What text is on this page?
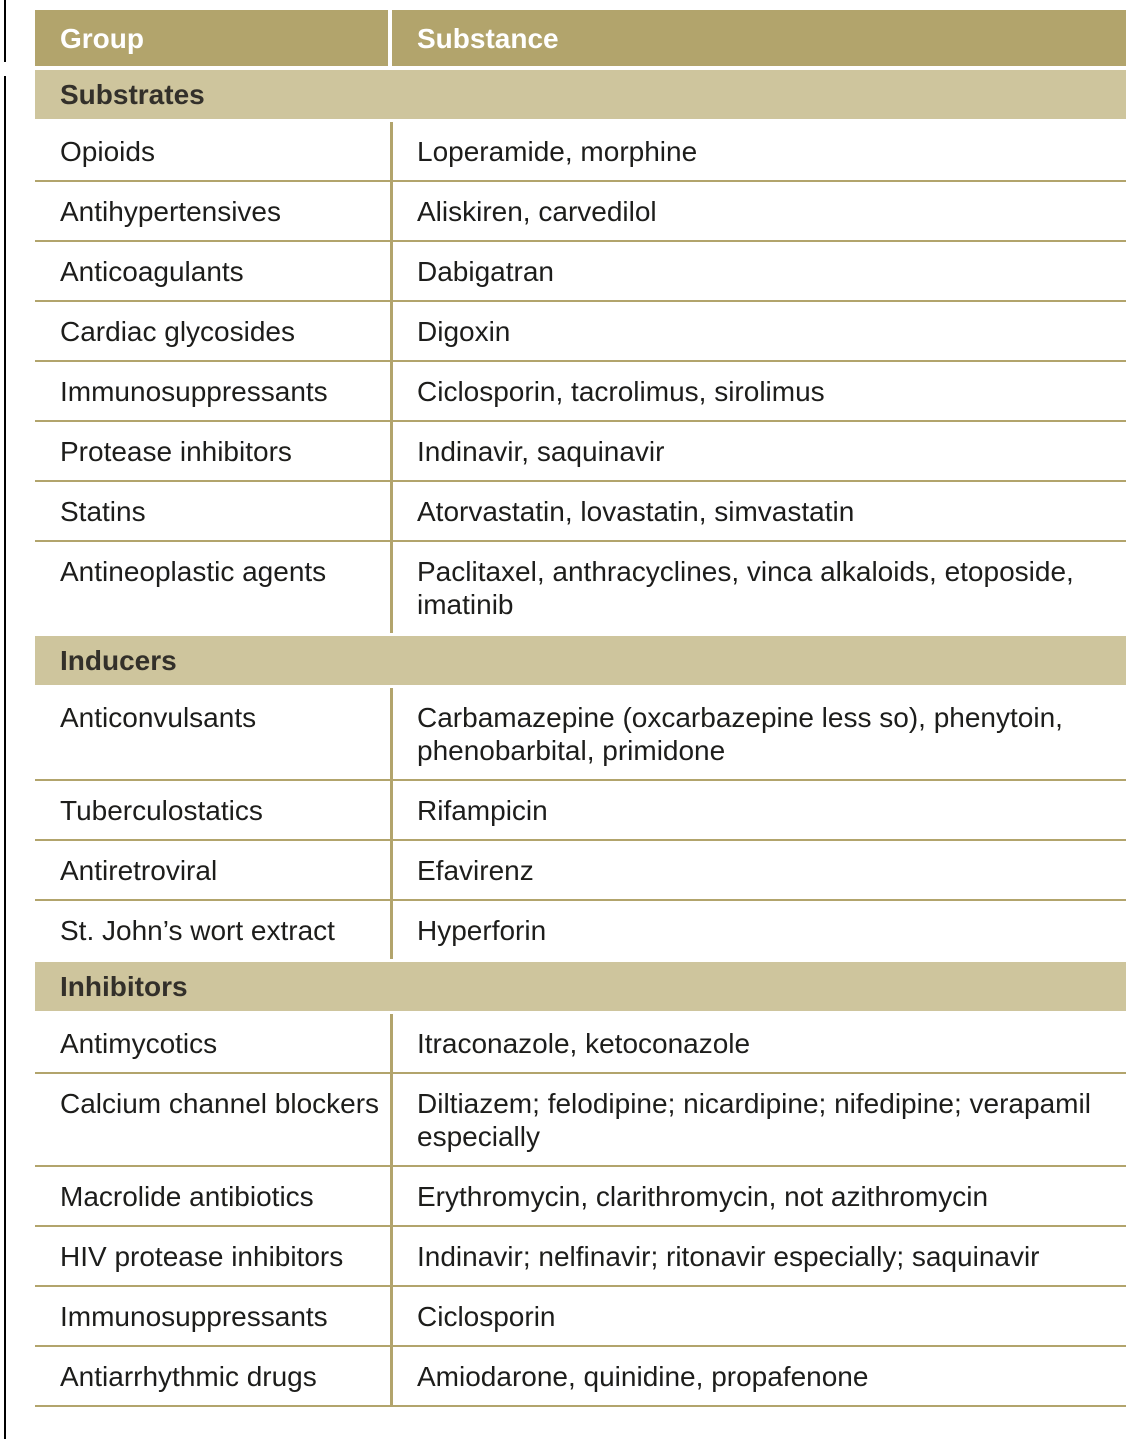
Group	Substance
Substrates
Opioids	Loperamide, morphine
Antihypertensives	Aliskiren, carvedilol
Anticoagulants	Dabigatran
Cardiac glycosides	Digoxin
Immunosuppressants	Ciclosporin, tacrolimus, sirolimus
Protease inhibitors	Indinavir, saquinavir
Statins	Atorvastatin, lovastatin, simvastatin
Antineoplastic agents	Paclitaxel, anthracyclines, vinca alkaloids, etoposide, imatinib
Inducers
Anticonvulsants	Carbamazepine (oxcarbazepine less so), phenytoin, phenobarbital, primidone
Tuberculostatics	Rifampicin
Antiretroviral	Efavirenz
St. John’s wort extract	Hyperforin
Inhibitors
Antimycotics	Itraconazole, ketoconazole
Calcium channel blockers	Diltiazem; felodipine; nicardipine; nifedipine; verapamil especially
Macrolide antibiotics	Erythromycin, clarithromycin, not azithromycin
HIV protease inhibitors	Indinavir; nelfinavir; ritonavir especially; saquinavir
Immunosuppressants	Ciclosporin
Antiarrhythmic drugs	Amiodarone, quinidine, propafenone
